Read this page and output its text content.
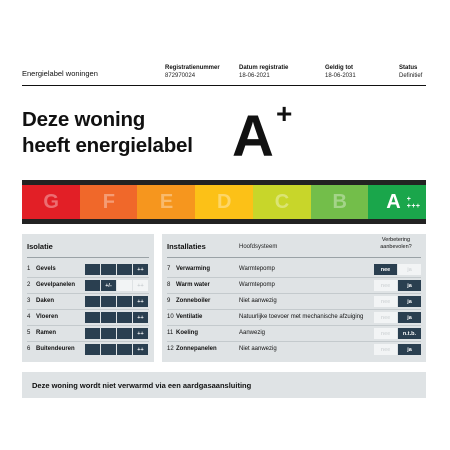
Energielabel woningen
Registratienummer
872970024
Datum registratie
18-06-2021
Geldig tot
18-06-2031
Status
Definitief
Deze woning
heeft energielabel A +
G F E D C B A + +++
Isolatie
1 Gevels	++
2 Gevelpanelen	+/-	++
3 Daken	++
4 Vloeren	++
5 Ramen	++
6 Buitendeuren	++
Installaties	Hoofdsysteem
Verbetering aanbevolen?
7 Verwarming	Warmtepomp	nee	ja
8 Warm water	Warmtepomp	nee	ja
9 Zonneboiler	Niet aanwezig	nee	ja
10 Ventilatie	Natuurlijke toevoer met mechanische afzuiging	nee	ja
11 Koeling	Aanwezig	nee	n.t.b.
12 Zonnepanelen	Niet aanwezig	nee	ja
Deze woning wordt niet verwarmd via een aardgasaansluiting
